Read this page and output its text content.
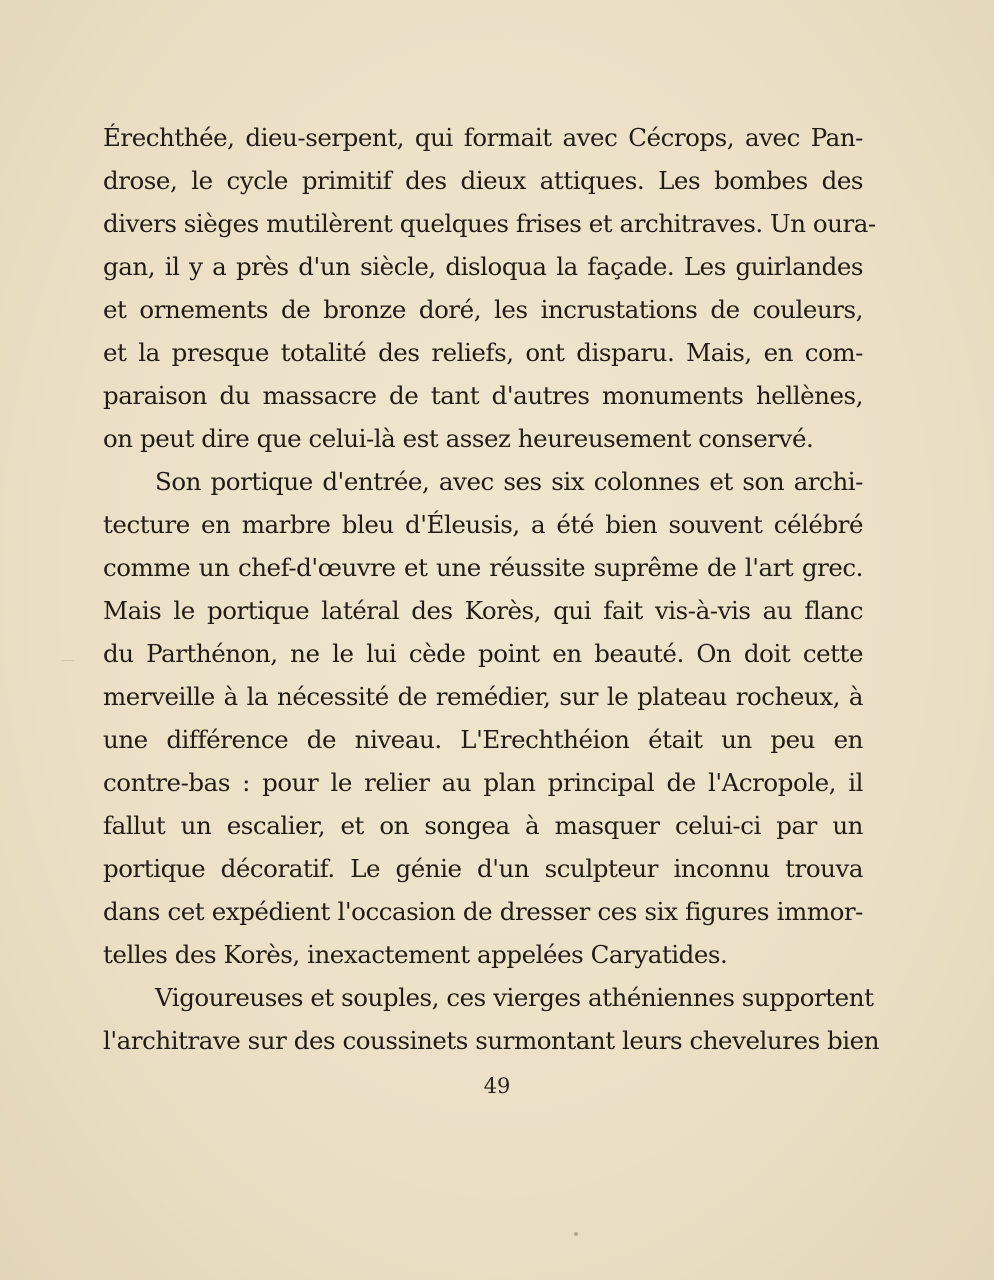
Érechthée, dieu-serpent, qui formait avec Cécrops, avec Pan-
drose, le cycle primitif des dieux attiques. Les bombes des
divers sièges mutilèrent quelques frises et architraves. Un oura-
gan, il y a près d'un siècle, disloqua la façade. Les guirlandes
et ornements de bronze doré, les incrustations de couleurs,
et la presque totalité des reliefs, ont disparu. Mais, en com-
paraison du massacre de tant d'autres monuments hellènes,
on peut dire que celui-là est assez heureusement conservé.
Son portique d'entrée, avec ses six colonnes et son archi-
tecture en marbre bleu d'Éleusis, a été bien souvent célébré
comme un chef-d'œuvre et une réussite suprême de l'art grec.
Mais le portique latéral des Korès, qui fait vis-à-vis au flanc
du Parthénon, ne le lui cède point en beauté. On doit cette
merveille à la nécessité de remédier, sur le plateau rocheux, à
une différence de niveau. L'Erechthéion était un peu en
contre-bas : pour le relier au plan principal de l'Acropole, il
fallut un escalier, et on songea à masquer celui-ci par un
portique décoratif. Le génie d'un sculpteur inconnu trouva
dans cet expédient l'occasion de dresser ces six figures immor-
telles des Korès, inexactement appelées Caryatides.
Vigoureuses et souples, ces vierges athéniennes supportent
l'architrave sur des coussinets surmontant leurs chevelures bien
49
